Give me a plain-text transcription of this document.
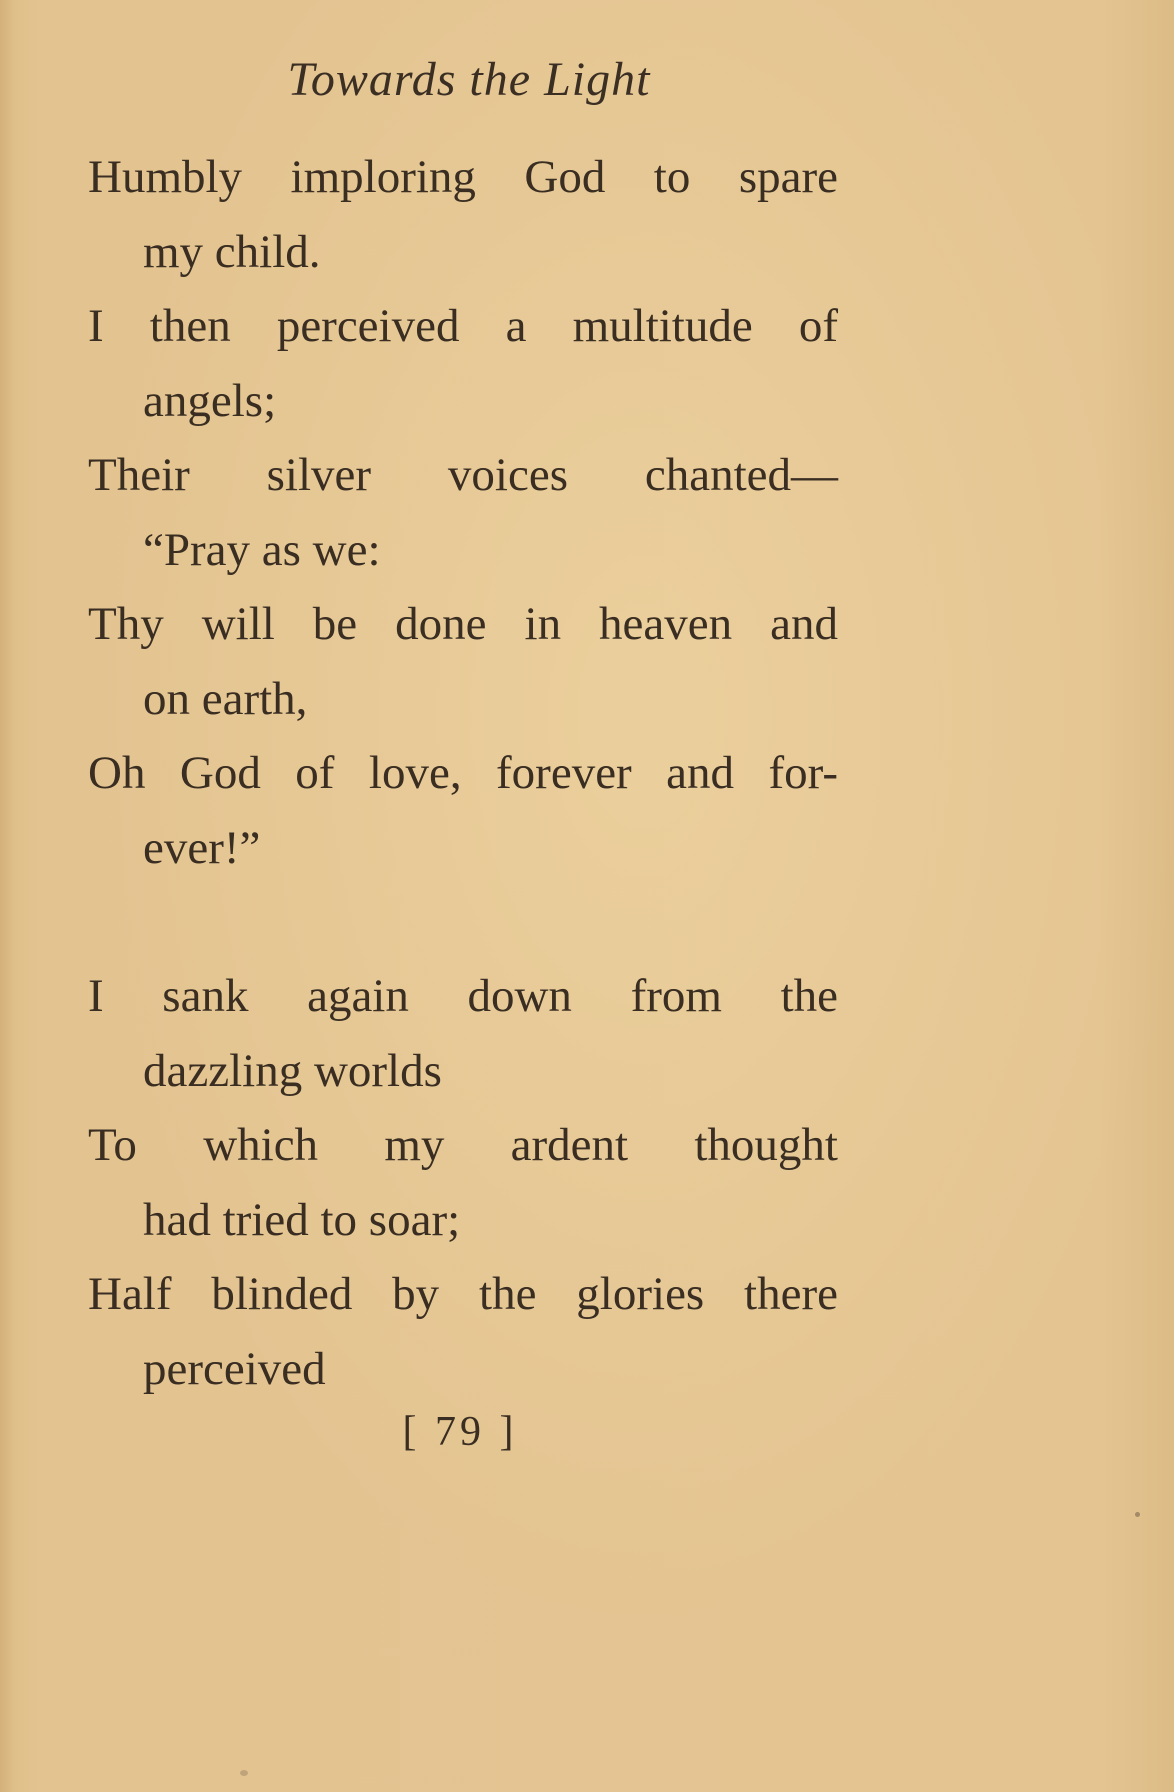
Towards the Light
Humbly imploring God to spare
my child.
I then perceived a multitude of
angels;
Their silver voices chanted—
“Pray as we:
Thy will be done in heaven and
on earth,
Oh God of love, forever and for-
ever!”
I sank again down from the
dazzling worlds
To which my ardent thought
had tried to soar;
Half blinded by the glories there
perceived
[ 79 ]
